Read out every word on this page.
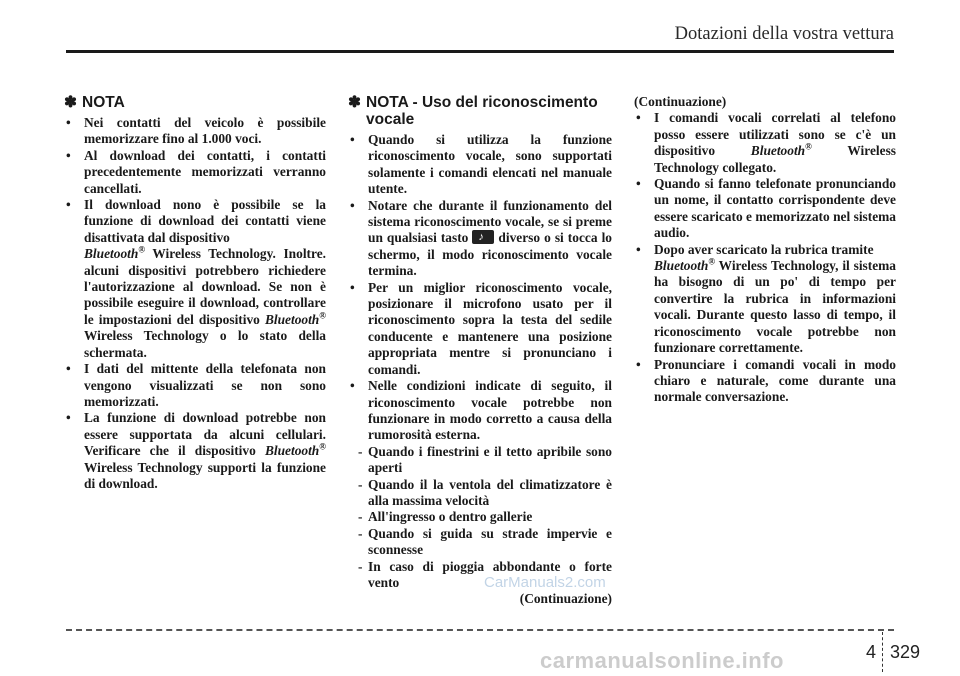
Dotazioni della vostra vettura
✽ NOTA
• Nei contatti del veicolo è possibile memorizzare fino al 1.000 voci.
• Al download dei contatti, i contatti precedentemente memorizzati verranno cancellati.
• Il download nono è possibile se la funzione di download dei contatti viene disattivata dal dispositivo
Bluetooth® Wireless Technology. Inoltre. alcuni dispositivi potrebbero richiedere l'autorizzazione al download. Se non è possibile eseguire il download, controllare le impostazioni del dispositivo Bluetooth® Wireless Technology o lo stato della schermata.
• I dati del mittente della telefonata non vengono visualizzati se non sono memorizzati.
• La funzione di download potrebbe non essere supportata da alcuni cellulari. Verificare che il dispositivo Bluetooth® Wireless Technology supporti la funzione di download.
✽ NOTA - Uso del riconoscimento vocale
• Quando si utilizza la funzione riconoscimento vocale, sono supportati solamente i comandi elencati nel manuale utente.
• Notare che durante il funzionamento del sistema riconoscimento vocale, se si preme un qualsiasi tasto♪ diverso o si tocca lo schermo, il modo riconoscimento vocale termina.
• Per un miglior riconoscimento vocale, posizionare il microfono usato per il riconoscimento sopra la testa del sedile conducente e mantenere una posizione appropriata mentre si pronunciano i comandi.
• Nelle condizioni indicate di seguito, il riconoscimento vocale potrebbe non funzionare in modo corretto a causa della rumorosità esterna.
- Quando i finestrini e il tetto apribile sono aperti
- Quando il la ventola del climatizzatore è alla massima velocità
- All'ingresso o dentro gallerie
- Quando si guida su strade impervie e sconnesse
- In caso di pioggia abbondante o forte vento
(Continuazione)
(Continuazione)
• I comandi vocali correlati al telefono posso essere utilizzati sono se c'è un dispositivo Bluetooth® Wireless Technology collegato.
• Quando si fanno telefonate pronunciando un nome, il contatto corrispondente deve essere scaricato e memorizzato nel sistema audio.
• Dopo aver scaricato la rubrica tramite
Bluetooth® Wireless Technology, il sistema ha bisogno di un po' di tempo per convertire la rubrica in informazioni vocali. Durante questo lasso di tempo, il riconoscimento vocale potrebbe non funzionare correttamente.
• Pronunciare i comandi vocali in modo chiaro e naturale, come durante una normale conversazione.
CarManuals2.com
4 329
carmanualsonline.info
